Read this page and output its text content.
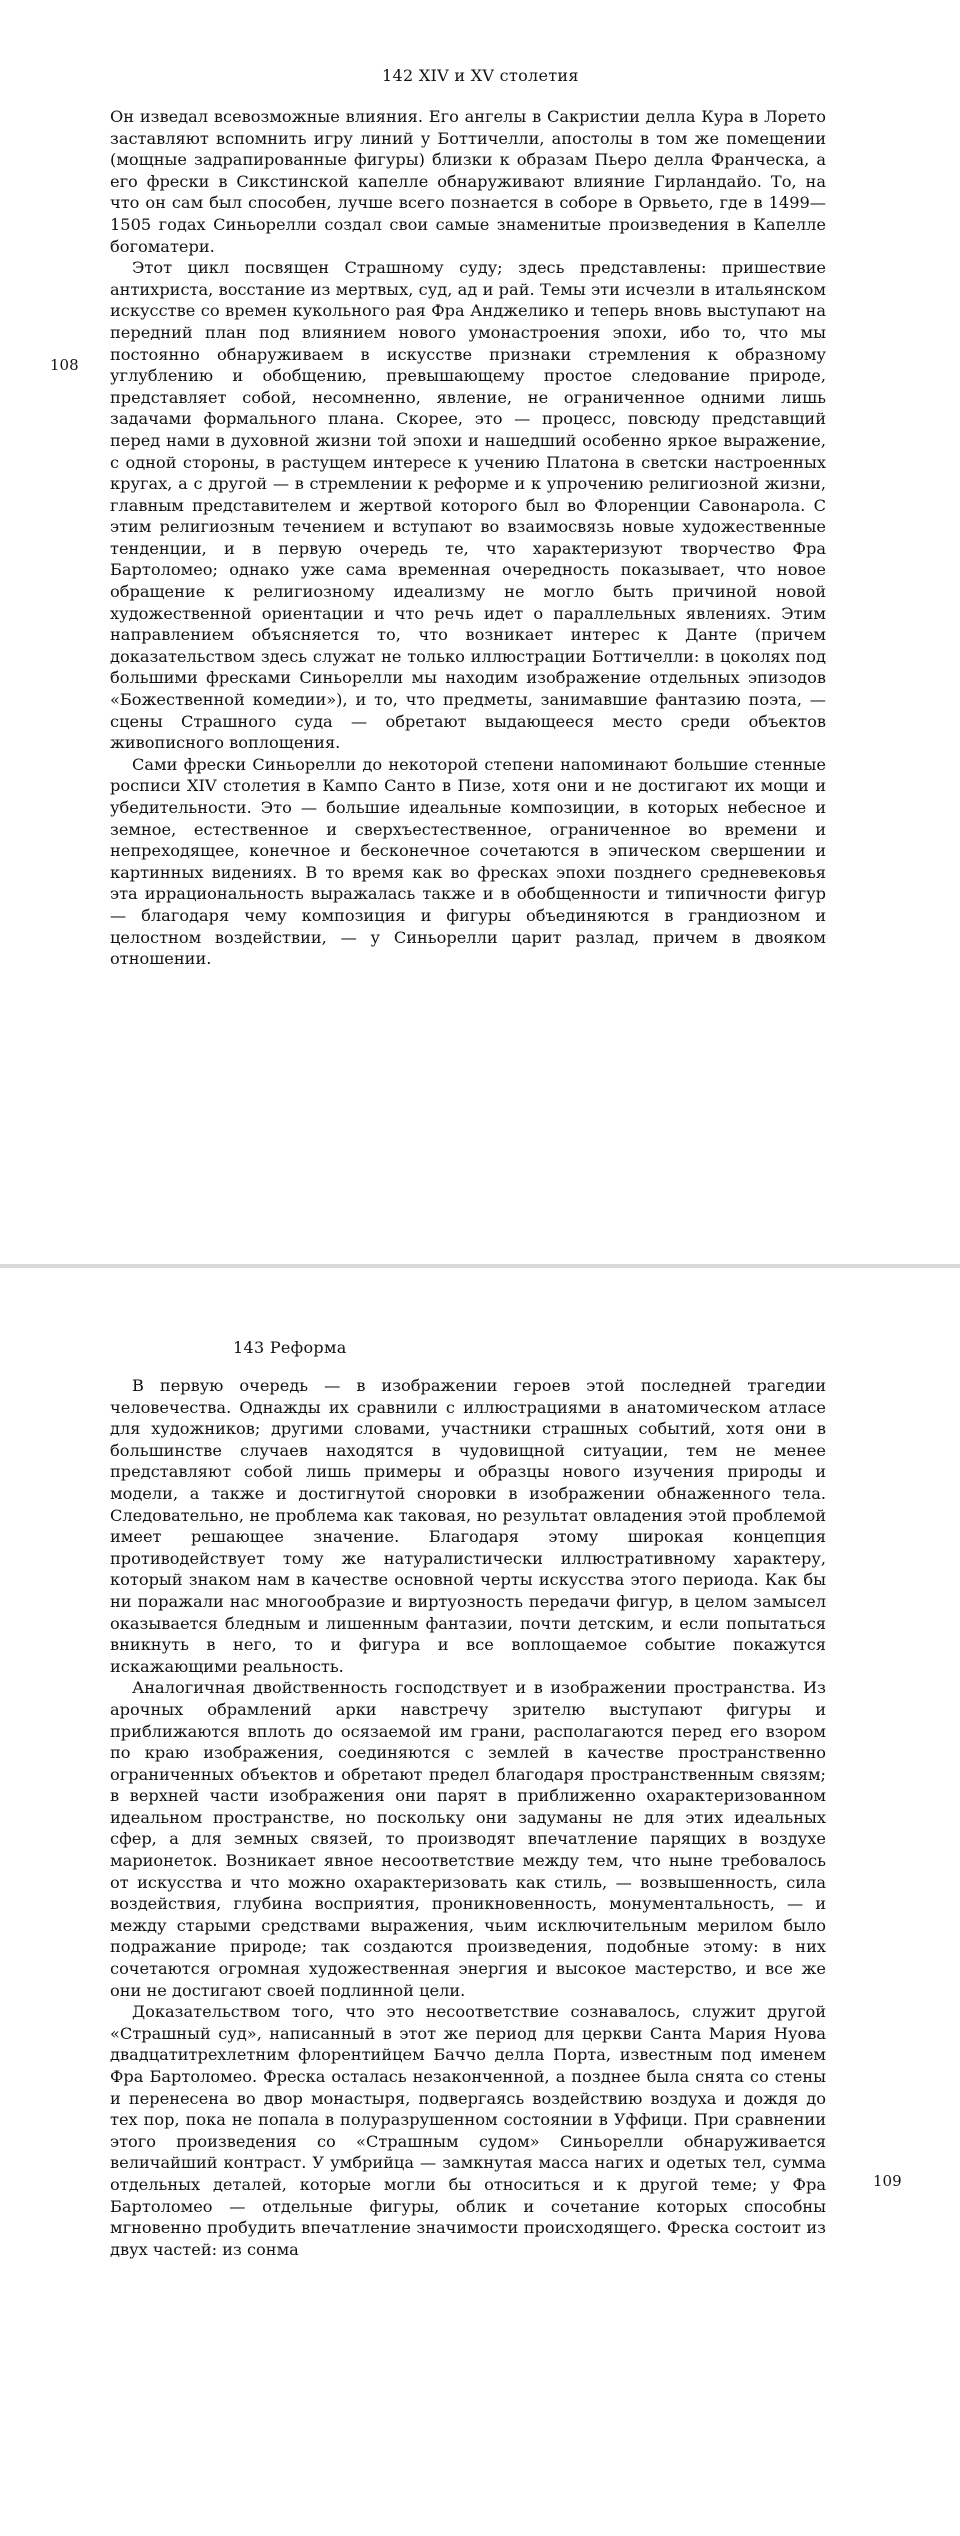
142 XIV и XV столетия
108

Он изведал всевозможные влияния. Его ангелы в Сакристии делла Кура в Лорето заставляют вспомнить игру линий у Боттичелли, апостолы в том же помещении (мощные задрапированные фигуры) близки к образам Пьеро делла Франческа, а его фрески в Сикстинской капелле обнаруживают влияние Гирландайо. То, на что он сам был способен, лучше всего познается в соборе в Орвьето, где в 1499—1505 годах Синьорелли создал свои самые знаменитые произведения в Капелле богоматери.

Этот цикл посвящен Страшному суду; здесь представлены: пришествие антихриста, восстание из мертвых, суд, ад и рай. Темы эти исчезли в итальянском искусстве со времен кукольного рая Фра Анджелико и теперь вновь выступают на передний план под влиянием нового умонастроения эпохи, ибо то, что мы постоянно обнаруживаем в искусстве признаки стремления к образному углублению и обобщению, превышающему простое следование природе, представляет собой, несомненно, явление, не ограниченное одними лишь задачами формального плана. Скорее, это — процесс, повсюду представщий перед нами в духовной жизни той эпохи и нашедший особенно яркое выражение, с одной стороны, в растущем интересе к учению Платона в светски настроенных кругах, а с другой — в стремлении к реформе и к упрочению религиозной жизни, главным представителем и жертвой которого был во Флоренции Савонарола. С этим религиозным течением и вступают во взаимосвязь новые художественные тенденции, и в первую очередь те, что характеризуют творчество Фра Бартоломео; однако уже сама временная очередность показывает, что новое обращение к религиозному идеализму не могло быть причиной новой художественной ориентации и что речь идет о параллельных явлениях. Этим направлением объясняется то, что возникает интерес к Данте (причем доказательством здесь служат не только иллюстрации Боттичелли: в цоколях под большими фресками Синьорелли мы находим изображение отдельных эпизодов «Божественной комедии»), и то, что предметы, занимавшие фантазию поэта, — сцены Страшного суда — обретают выдающееся место среди объектов живописного воплощения.

Сами фрески Синьорелли до некоторой степени напоминают большие стенные росписи XIV столетия в Кампо Санто в Пизе, хотя они и не достигают их мощи и убедительности. Это — большие идеальные композиции, в которых небесное и земное, естественное и сверхъестественное, ограниченное во времени и непреходящее, конечное и бесконечное сочетаются в эпическом свершении и картинных видениях. В то время как во фресках эпохи позднего средневековья эта иррациональность выражалась также и в обобщенности и типичности фигур — благодаря чему композиция и фигуры объединяются в грандиозном и целостном воздействии, — у Синьорелли царит разлад, причем в двояком отношении.

143 Реформа
109

В первую очередь — в изображении героев этой последней трагедии человечества. Однажды их сравнили с иллюстрациями в анатомическом атласе для художников; другими словами, участники страшных событий, хотя они в большинстве случаев находятся в чудовищной ситуации, тем не менее представляют собой лишь примеры и образцы нового изучения природы и модели, а также и достигнутой сноровки в изображении обнаженного тела. Следовательно, не проблема как таковая, но результат овладения этой проблемой имеет решающее значение. Благодаря этому широкая концепция противодействует тому же натуралистически иллюстративному характеру, который знаком нам в качестве основной черты искусства этого периода. Как бы ни поражали нас многообразие и виртуозность передачи фигур, в целом замысел оказывается бледным и лишенным фантазии, почти детским, и если попытаться вникнуть в него, то и фигура и все воплощаемое событие покажутся искажающими реальность.

Аналогичная двойственность господствует и в изображении пространства. Из арочных обрамлений арки навстречу зрителю выступают фигуры и приближаются вплоть до осязаемой им грани, располагаются перед его взором по краю изображения, соединяются с землей в качестве пространственно ограниченных объектов и обретают предел благодаря пространственным связям; в верхней части изображения они парят в приближенно охарактеризованном идеальном пространстве, но поскольку они задуманы не для этих идеальных сфер, а для земных связей, то производят впечатление парящих в воздухе марионеток. Возникает явное несоответствие между тем, что ныне требовалось от искусства и что можно охарактеризовать как стиль, — возвышенность, сила воздействия, глубина восприятия, проникновенность, монументальность, — и между старыми средствами выражения, чьим исключительным мерилом было подражание природе; так создаются произведения, подобные этому: в них сочетаются огромная художественная энергия и высокое мастерство, и все же они не достигают своей подлинной цели.

Доказательством того, что это несоответствие сознавалось, служит другой «Страшный суд», написанный в этот же период для церкви Санта Мария Нуова двадцатитрехлетним флорентийцем Баччо делла Порта, известным под именем Фра Бартоломео. Фреска осталась незаконченной, а позднее была снята со стены и перенесена во двор монастыря, подвергаясь воздействию воздуха и дождя до тех пор, пока не попала в полуразрушенном состоянии в Уффици. При сравнении этого произведения со «Страшным судом» Синьорелли обнаруживается величайший контраст. У умбрийца — замкнутая масса нагих и одетых тел, сумма отдельных деталей, которые могли бы относиться и к другой теме; у Фра Бартоломео — отдельные фигуры, облик и сочетание которых способны мгновенно пробудить впечатление значимости происходящего. Фреска состоит из двух частей: из сонма
